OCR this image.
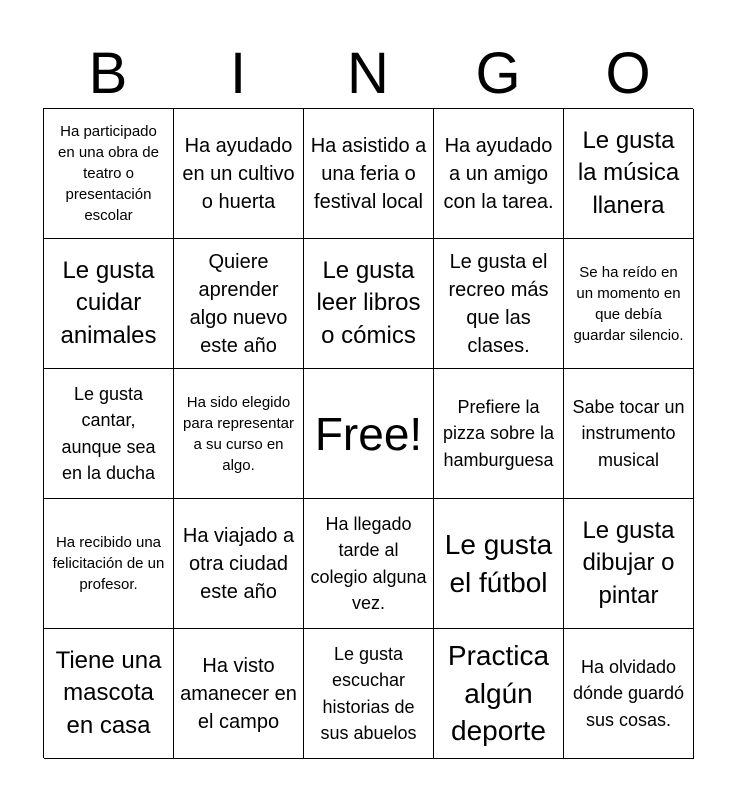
B	I	N	G	O
Ha participado en una obra de teatro o presentación escolar
Ha ayudado en un cultivo o huerta
Ha asistido a una feria o festival local
Ha ayudado a un amigo con la tarea.
Le gusta la música llanera
Le gusta cuidar animales
Quiere aprender algo nuevo este año
Le gusta leer libros o cómics
Le gusta el recreo más que las clases.
Se ha reído en un momento en que debía guardar silencio.
Le gusta cantar, aunque sea en la ducha
Ha sido elegido para representar a su curso en algo.
Free!
Prefiere la pizza sobre la hamburguesa
Sabe tocar un instrumento musical
Ha recibido una felicitación de un profesor.
Ha viajado a otra ciudad este año
Ha llegado tarde al colegio alguna vez.
Le gusta el fútbol
Le gusta dibujar o pintar
Tiene una mascota en casa
Ha visto amanecer en el campo
Le gusta escuchar historias de sus abuelos
Practica algún deporte
Ha olvidado dónde guardó sus cosas.
